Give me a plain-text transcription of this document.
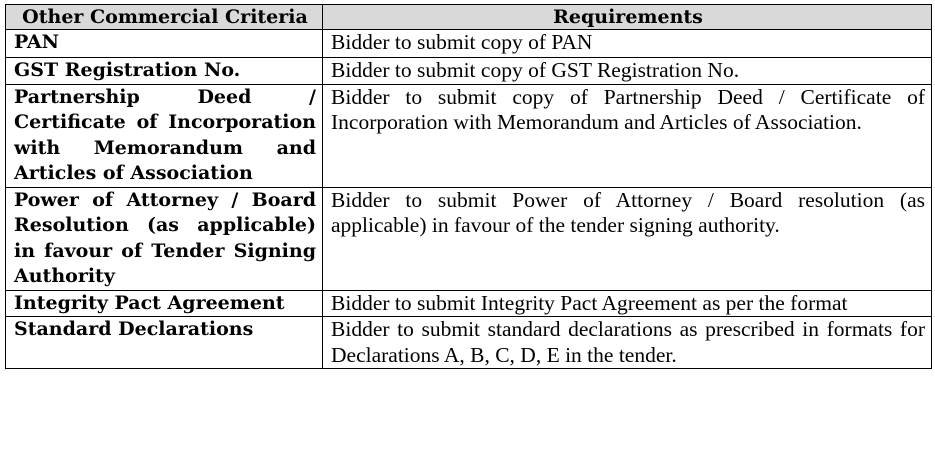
Other Commercial Criteria	Requirements
PAN	Bidder to submit copy of PAN
GST Registration No.	Bidder to submit copy of GST Registration No.
Partnership Deed / Certificate of Incorporation with Memorandum and Articles of Association	Bidder to submit copy of Partnership Deed / Certificate of Incorporation with Memorandum and Articles of Association.
Power of Attorney / Board Resolution (as applicable) in favour of Tender Signing Authority	Bidder to submit Power of Attorney / Board resolution (as applicable) in favour of the tender signing authority.
Integrity Pact Agreement	Bidder to submit Integrity Pact Agreement as per the format
Standard Declarations	Bidder to submit standard declarations as prescribed in formats for Declarations A, B, C, D, E in the tender.
